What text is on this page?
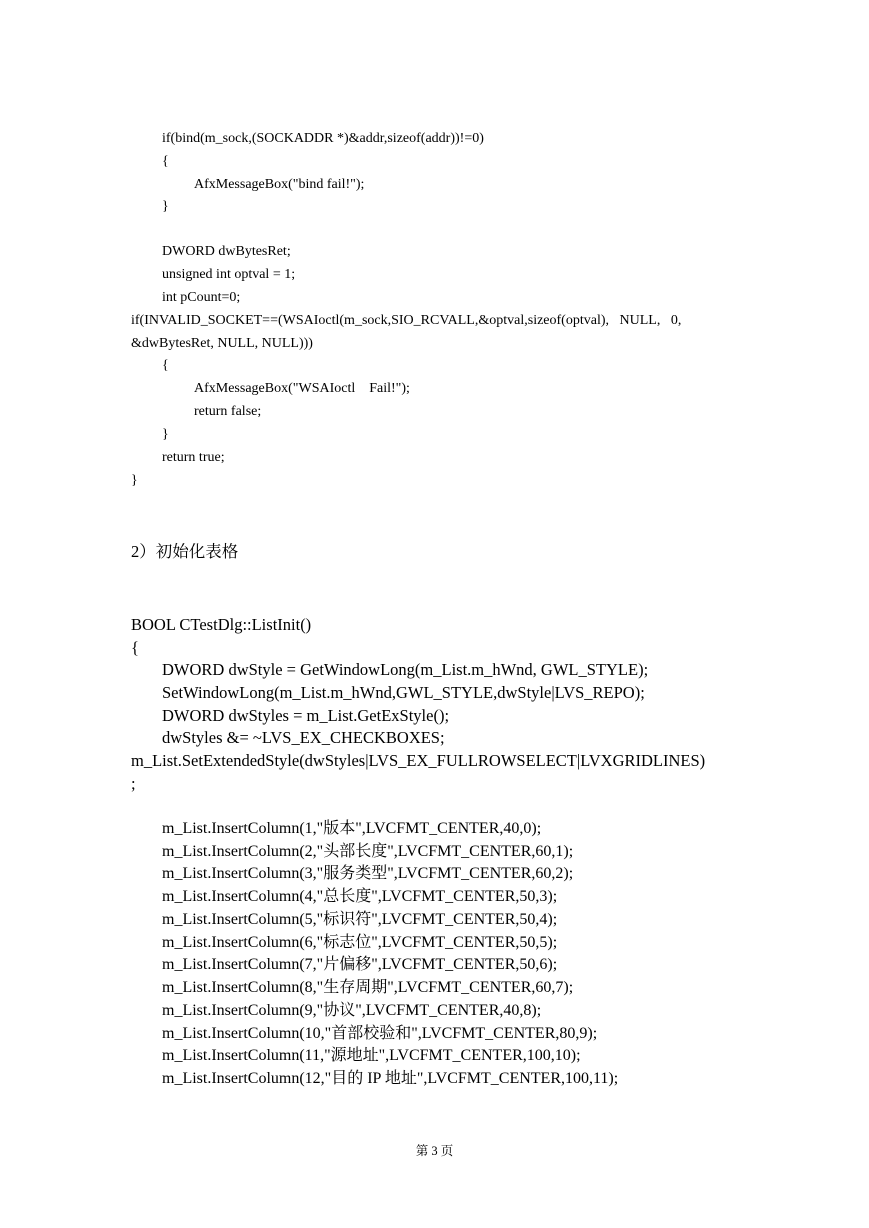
if(bind(m_sock,(SOCKADDR *)&addr,sizeof(addr))!=0)
{
AfxMessageBox("bind fail!");
}
DWORD dwBytesRet;
unsigned int optval = 1;
int pCount=0;
if(INVALID_SOCKET==(WSAIoctl(m_sock,SIO_RCVALL,&optval,sizeof(optval),   NULL,   0,
&dwBytesRet, NULL, NULL)))
{
AfxMessageBox("WSAIoctl    Fail!");
return false;
}
return true;
}
2）初始化表格
BOOL CTestDlg::ListInit()
{
DWORD dwStyle = GetWindowLong(m_List.m_hWnd, GWL_STYLE);
SetWindowLong(m_List.m_hWnd,GWL_STYLE,dwStyle|LVS_REPO);
DWORD dwStyles = m_List.GetExStyle();
dwStyles &= ~LVS_EX_CHECKBOXES;
m_List.SetExtendedStyle(dwStyles|LVS_EX_FULLROWSELECT|LVXGRIDLINES)
;
m_List.InsertColumn(1,"版本",LVCFMT_CENTER,40,0);
m_List.InsertColumn(2,"头部长度",LVCFMT_CENTER,60,1);
m_List.InsertColumn(3,"服务类型",LVCFMT_CENTER,60,2);
m_List.InsertColumn(4,"总长度",LVCFMT_CENTER,50,3);
m_List.InsertColumn(5,"标识符",LVCFMT_CENTER,50,4);
m_List.InsertColumn(6,"标志位",LVCFMT_CENTER,50,5);
m_List.InsertColumn(7,"片偏移",LVCFMT_CENTER,50,6);
m_List.InsertColumn(8,"生存周期",LVCFMT_CENTER,60,7);
m_List.InsertColumn(9,"协议",LVCFMT_CENTER,40,8);
m_List.InsertColumn(10,"首部校验和",LVCFMT_CENTER,80,9);
m_List.InsertColumn(11,"源地址",LVCFMT_CENTER,100,10);
m_List.InsertColumn(12,"目的 IP 地址",LVCFMT_CENTER,100,11);
第 3 页
